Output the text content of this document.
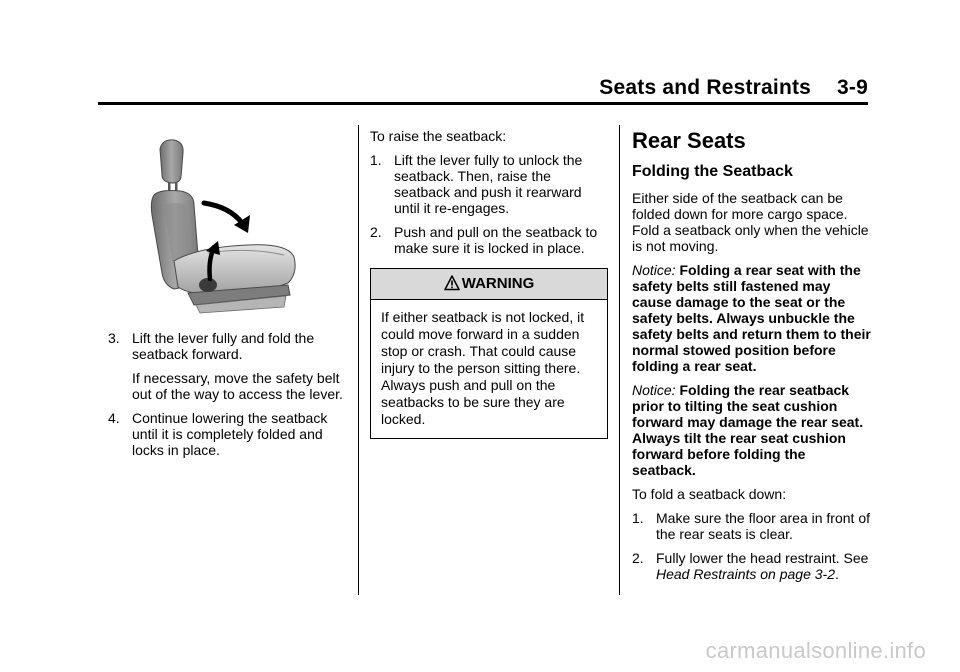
Seats and Restraints 3-9
3. Lift the lever fully and fold the seatback forward.

If necessary, move the safety belt out of the way to access the lever.

4. Continue lowering the seatback until it is completely folded and locks in place.

To raise the seatback:

1. Lift the lever fully to unlock the seatback. Then, raise the seatback and push it rearward until it re-engages.
2. Push and pull on the seatback to make sure it is locked in place.
WARNING
If either seatback is not locked, it could move forward in a sudden stop or crash. That could cause injury to the person sitting there. Always push and pull on the seatbacks to be sure they are locked.
Rear Seats
Folding the Seatback

Either side of the seatback can be folded down for more cargo space. Fold a seatback only when the vehicle is not moving.

Notice: Folding a rear seat with the safety belts still fastened may cause damage to the seat or the safety belts. Always unbuckle the safety belts and return them to their normal stowed position before folding a rear seat.

Notice: Folding the rear seatback prior to tilting the seat cushion forward may damage the rear seat. Always tilt the rear seat cushion forward before folding the seatback.

To fold a seatback down:

1. Make sure the floor area in front of the rear seats is clear.
2. Fully lower the head restraint. See Head Restraints on page 3-2.
carmanualsonline.info
